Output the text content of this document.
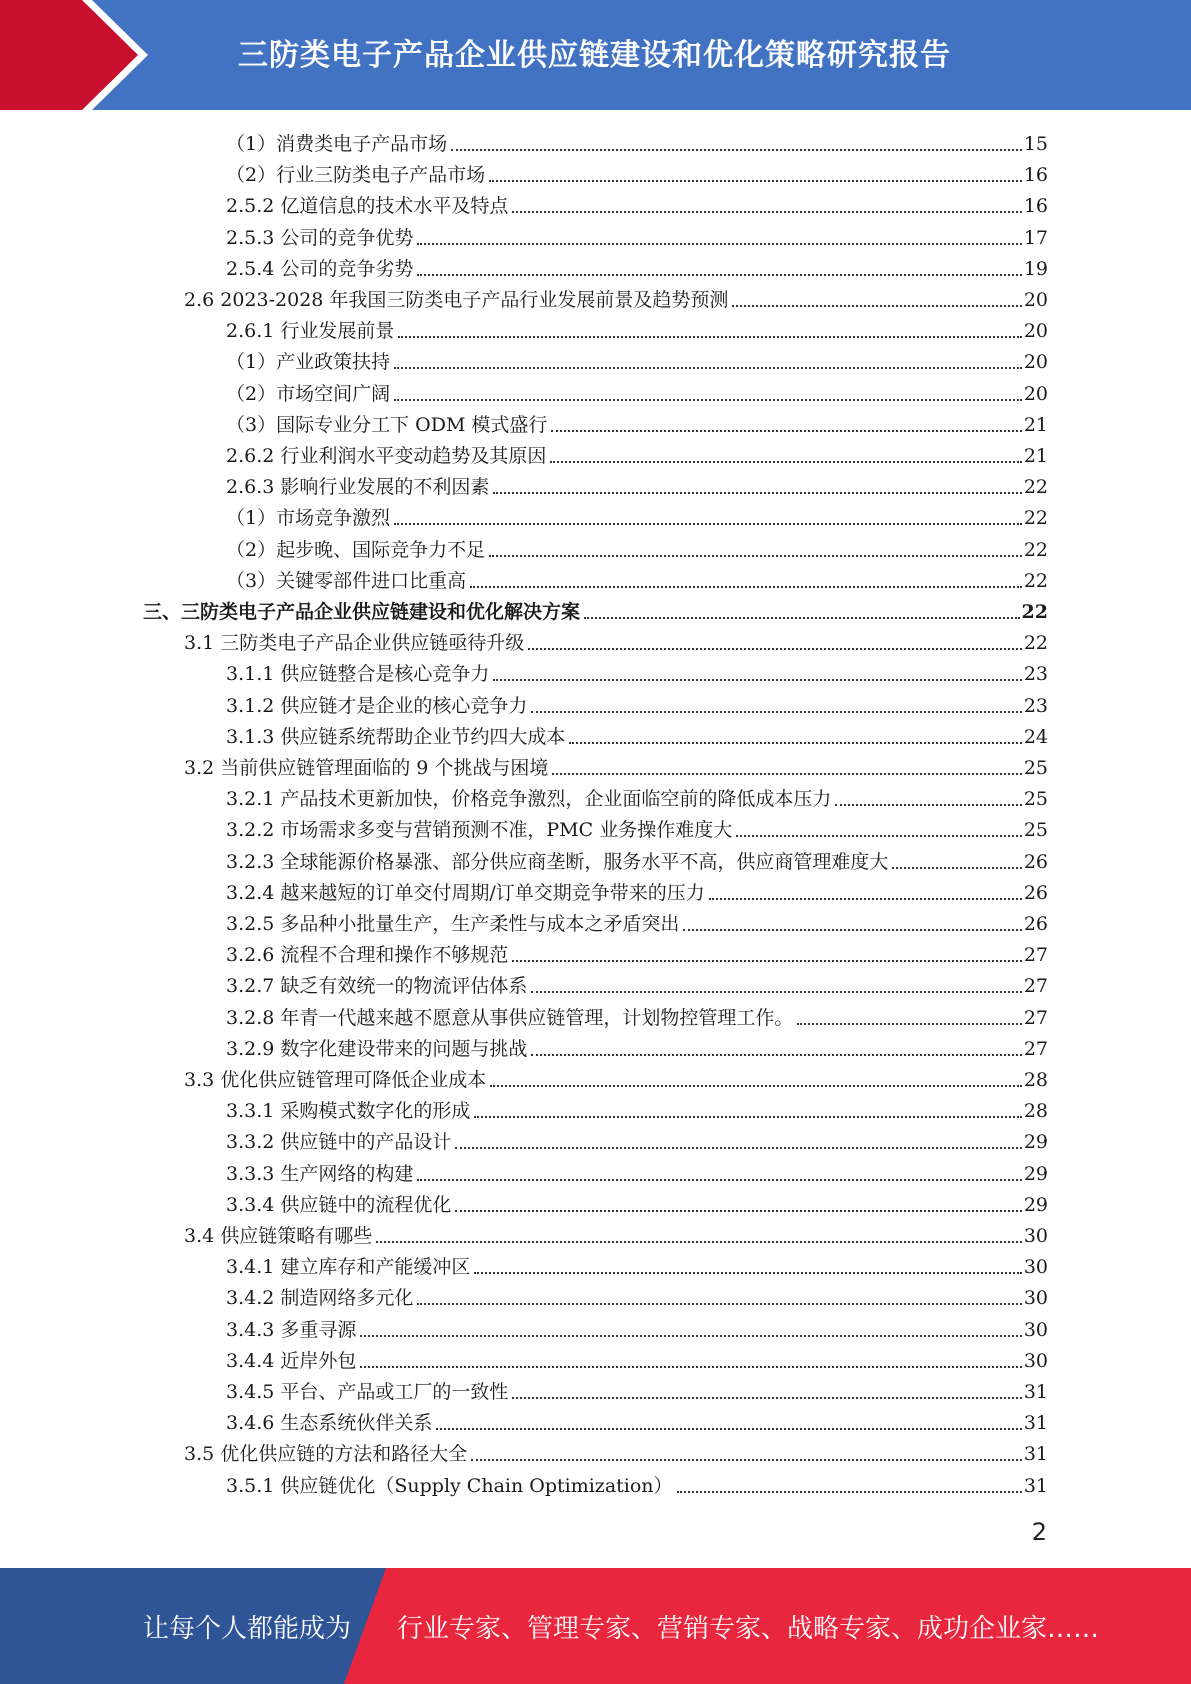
三防类电子产品企业供应链建设和优化策略研究报告
（1）消费类电子产品市场	15
（2）行业三防类电子产品市场	16
2.5.2 亿道信息的技术水平及特点	16
2.5.3 公司的竞争优势	17
2.5.4 公司的竞争劣势	19
2.6 2023-2028 年我国三防类电子产品行业发展前景及趋势预测	20
2.6.1 行业发展前景	20
（1）产业政策扶持	20
（2）市场空间广阔	20
（3）国际专业分工下 ODM 模式盛行	21
2.6.2 行业利润水平变动趋势及其原因	21
2.6.3 影响行业发展的不利因素	22
（1）市场竞争激烈	22
（2）起步晚、国际竞争力不足	22
（3）关键零部件进口比重高	22
三、三防类电子产品企业供应链建设和优化解决方案	22
3.1 三防类电子产品企业供应链亟待升级	22
3.1.1 供应链整合是核心竞争力	23
3.1.2 供应链才是企业的核心竞争力	23
3.1.3 供应链系统帮助企业节约四大成本	24
3.2 当前供应链管理面临的 9 个挑战与困境	25
3.2.1 产品技术更新加快，价格竞争激烈，企业面临空前的降低成本压力	25
3.2.2 市场需求多变与营销预测不准，PMC 业务操作难度大	25
3.2.3 全球能源价格暴涨、部分供应商垄断，服务水平不高，供应商管理难度大	26
3.2.4 越来越短的订单交付周期/订单交期竞争带来的压力	26
3.2.5 多品种小批量生产，生产柔性与成本之矛盾突出	26
3.2.6 流程不合理和操作不够规范	27
3.2.7 缺乏有效统一的物流评估体系	27
3.2.8 年青一代越来越不愿意从事供应链管理，计划物控管理工作。	27
3.2.9 数字化建设带来的问题与挑战	27
3.3 优化供应链管理可降低企业成本	28
3.3.1 采购模式数字化的形成	28
3.3.2 供应链中的产品设计	29
3.3.3 生产网络的构建	29
3.3.4 供应链中的流程优化	29
3.4 供应链策略有哪些	30
3.4.1 建立库存和产能缓冲区	30
3.4.2 制造网络多元化	30
3.4.3 多重寻源	30
3.4.4 近岸外包	30
3.4.5 平台、产品或工厂的一致性	31
3.4.6 生态系统伙伴关系	31
3.5 优化供应链的方法和路径大全	31
3.5.1 供应链优化（Supply Chain Optimization）	31
2
让每个人都能成为 行业专家、管理专家、营销专家、战略专家、成功企业家……
